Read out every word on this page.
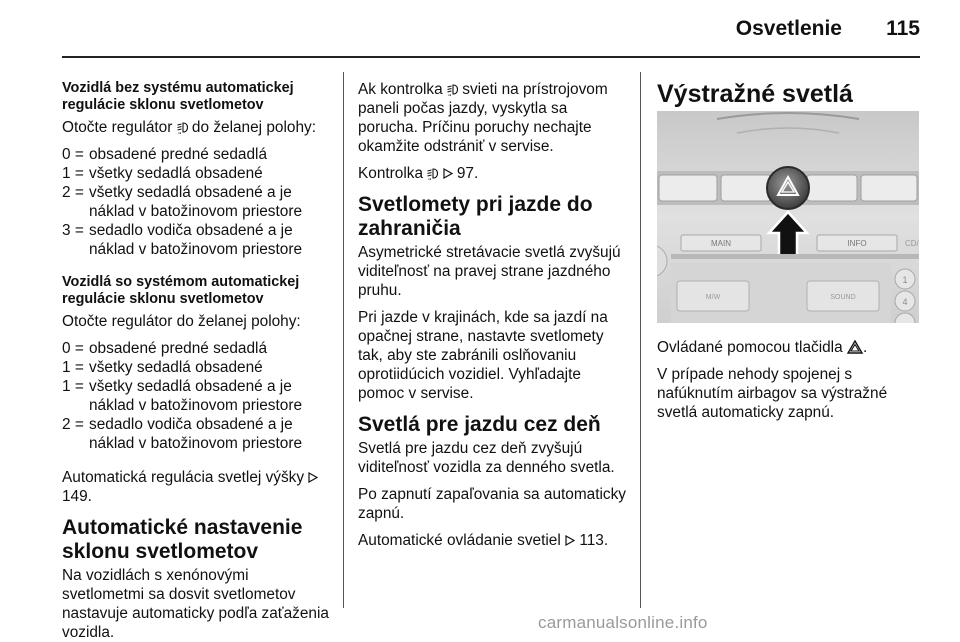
Osvetlenie 115
Vozidlá bez systému automatickej regulácie sklonu svetlometov

Otočte regulátor do želanej polohy:

0 = obsadené predné sedadlá
1 = všetky sedadlá obsadené
2 = všetky sedadlá obsadené a je náklad v batožinovom priestore
3 = sedadlo vodiča obsadené a je náklad v batožinovom priestore
Vozidlá so systémom automatickej regulácie sklonu svetlometov

Otočte regulátor do želanej polohy:

0 = obsadené predné sedadlá
1 = všetky sedadlá obsadené
1 = všetky sedadlá obsadené a je náklad v batožinovom priestore
2 = sedadlo vodiča obsadené a je náklad v batožinovom priestore

Automatická regulácia svetlej výšky  149.

Automatické nastavenie sklonu svetlometov

Na vozidlách s xenónovými svetlometmi sa dosvit svetlometov nastavuje automaticky podľa zaťaženia vozidla.

Ak kontrolka svieti na prístrojovom paneli počas jazdy, vyskytla sa porucha. Príčinu poruchy nechajte okamžite odstrániť v servise.

Kontrolka 97.

Svetlomety pri jazde do zahraničia

Asymetrické stretávacie svetlá zvyšujú viditeľnosť na pravej strane jazdného pruhu.

Pri jazde v krajinách, kde sa jazdí na opačnej strane, nastavte svetlomety tak, aby ste zabránili oslňovaniu oprotiidúcich vozidiel. Vyhľadajte pomoc v servise.

Svetlá pre jazdu cez deň

Svetlá pre jazdu cez deň zvyšujú viditeľnosť vozidla za denného svetla.

Po zapnutí zapaľovania sa automaticky zapnú.

Automatické ovládanie svetiel 113.

Výstražné svetlá
MAIN	INFO	CD/
M/W	SOUND
1
4

Ovládané pomocou tlačidla .

V prípade nehody spojenej s nafúknutím airbagov sa výstražné svetlá automaticky zapnú.

carmanualsonline.info
